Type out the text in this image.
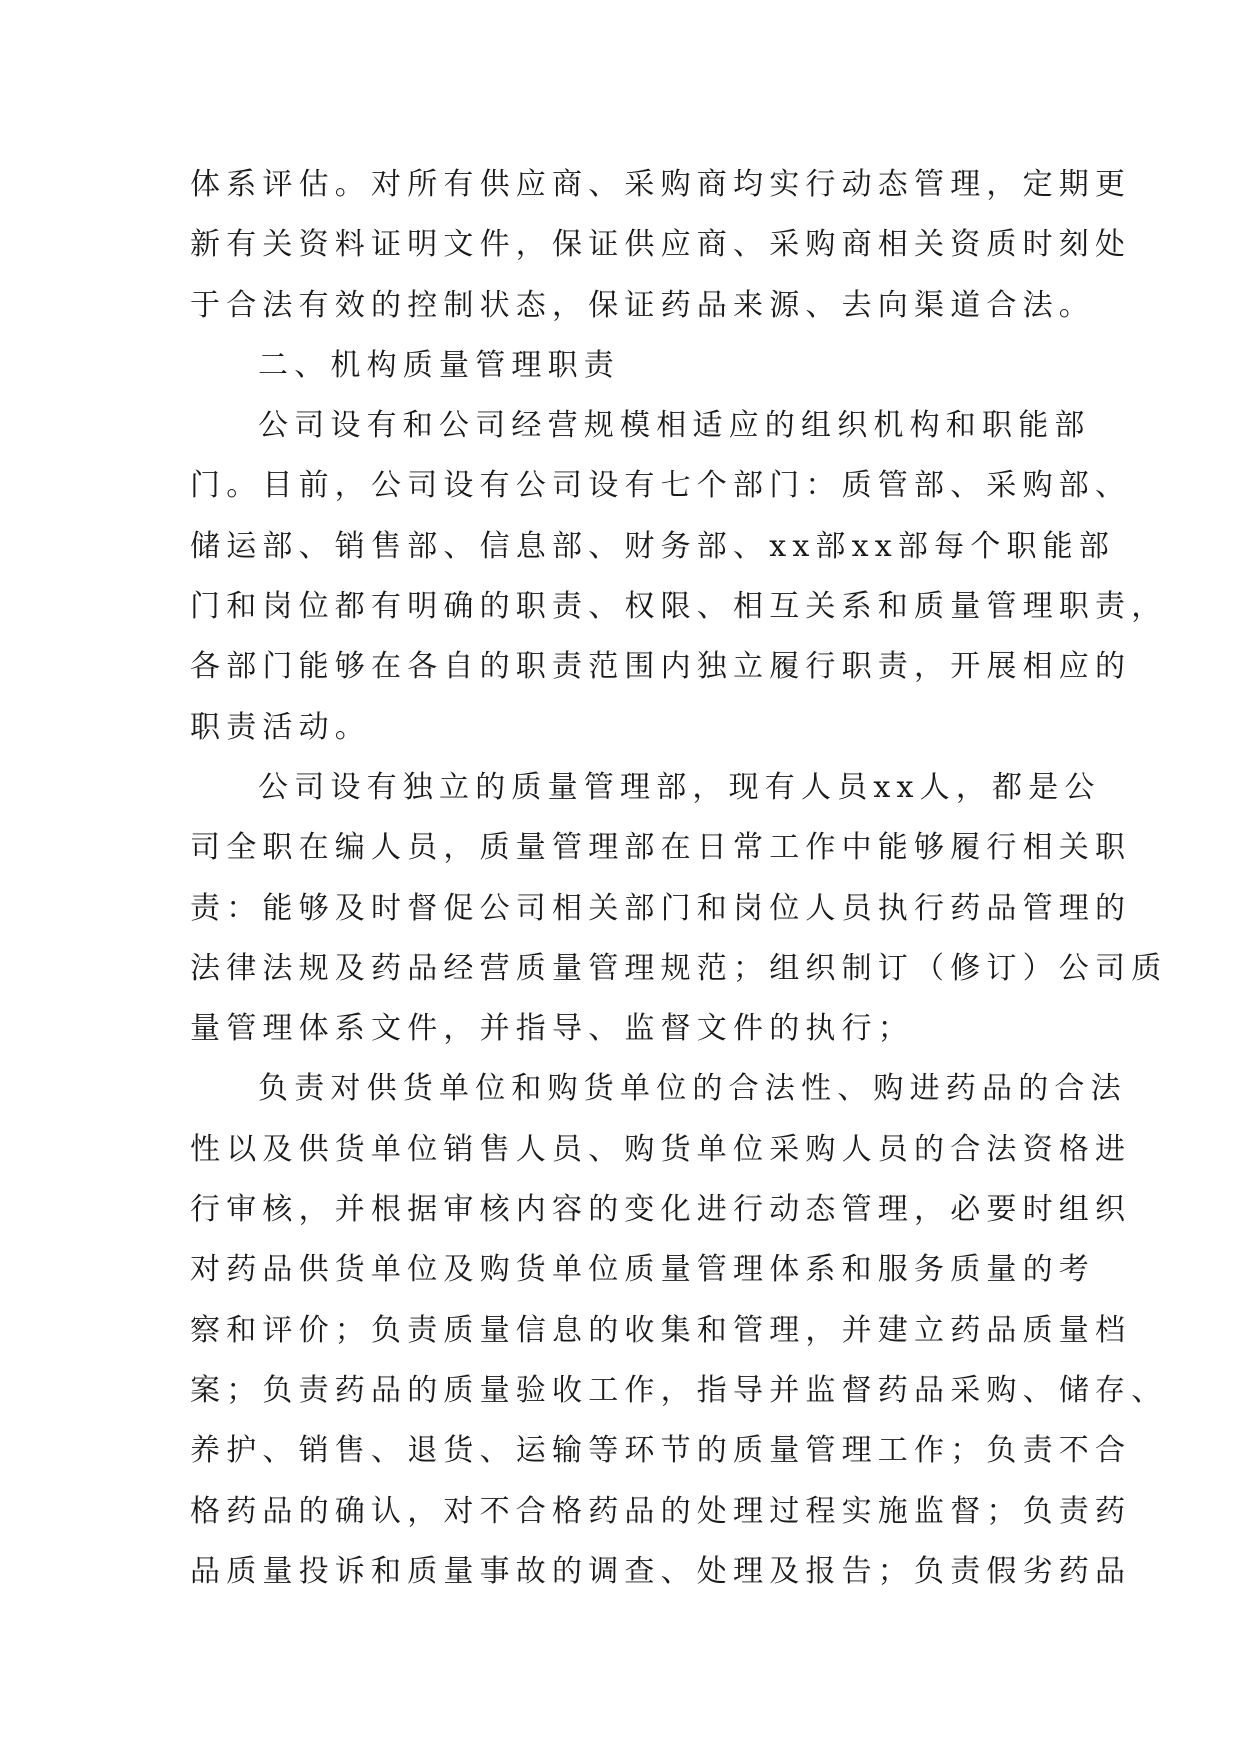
体系评估。对所有供应商、采购商均实行动态管理，定期更
新有关资料证明文件，保证供应商、采购商相关资质时刻处
于合法有效的控制状态，保证药品来源、去向渠道合法。
二、机构质量管理职责
公司设有和公司经营规模相适应的组织机构和职能部
门。目前，公司设有公司设有七个部门：质管部、采购部、
储运部、销售部、信息部、财务部、xx部xx部每个职能部
门和岗位都有明确的职责、权限、相互关系和质量管理职责，
各部门能够在各自的职责范围内独立履行职责，开展相应的
职责活动。
公司设有独立的质量管理部，现有人员xx人，都是公
司全职在编人员，质量管理部在日常工作中能够履行相关职
责：能够及时督促公司相关部门和岗位人员执行药品管理的
法律法规及药品经营质量管理规范；组织制订（修订）公司质
量管理体系文件，并指导、监督文件的执行；
负责对供货单位和购货单位的合法性、购进药品的合法
性以及供货单位销售人员、购货单位采购人员的合法资格进
行审核，并根据审核内容的变化进行动态管理，必要时组织
对药品供货单位及购货单位质量管理体系和服务质量的考
察和评价；负责质量信息的收集和管理，并建立药品质量档
案；负责药品的质量验收工作，指导并监督药品采购、储存、
养护、销售、退货、运输等环节的质量管理工作；负责不合
格药品的确认，对不合格药品的处理过程实施监督；负责药
品质量投诉和质量事故的调查、处理及报告；负责假劣药品
